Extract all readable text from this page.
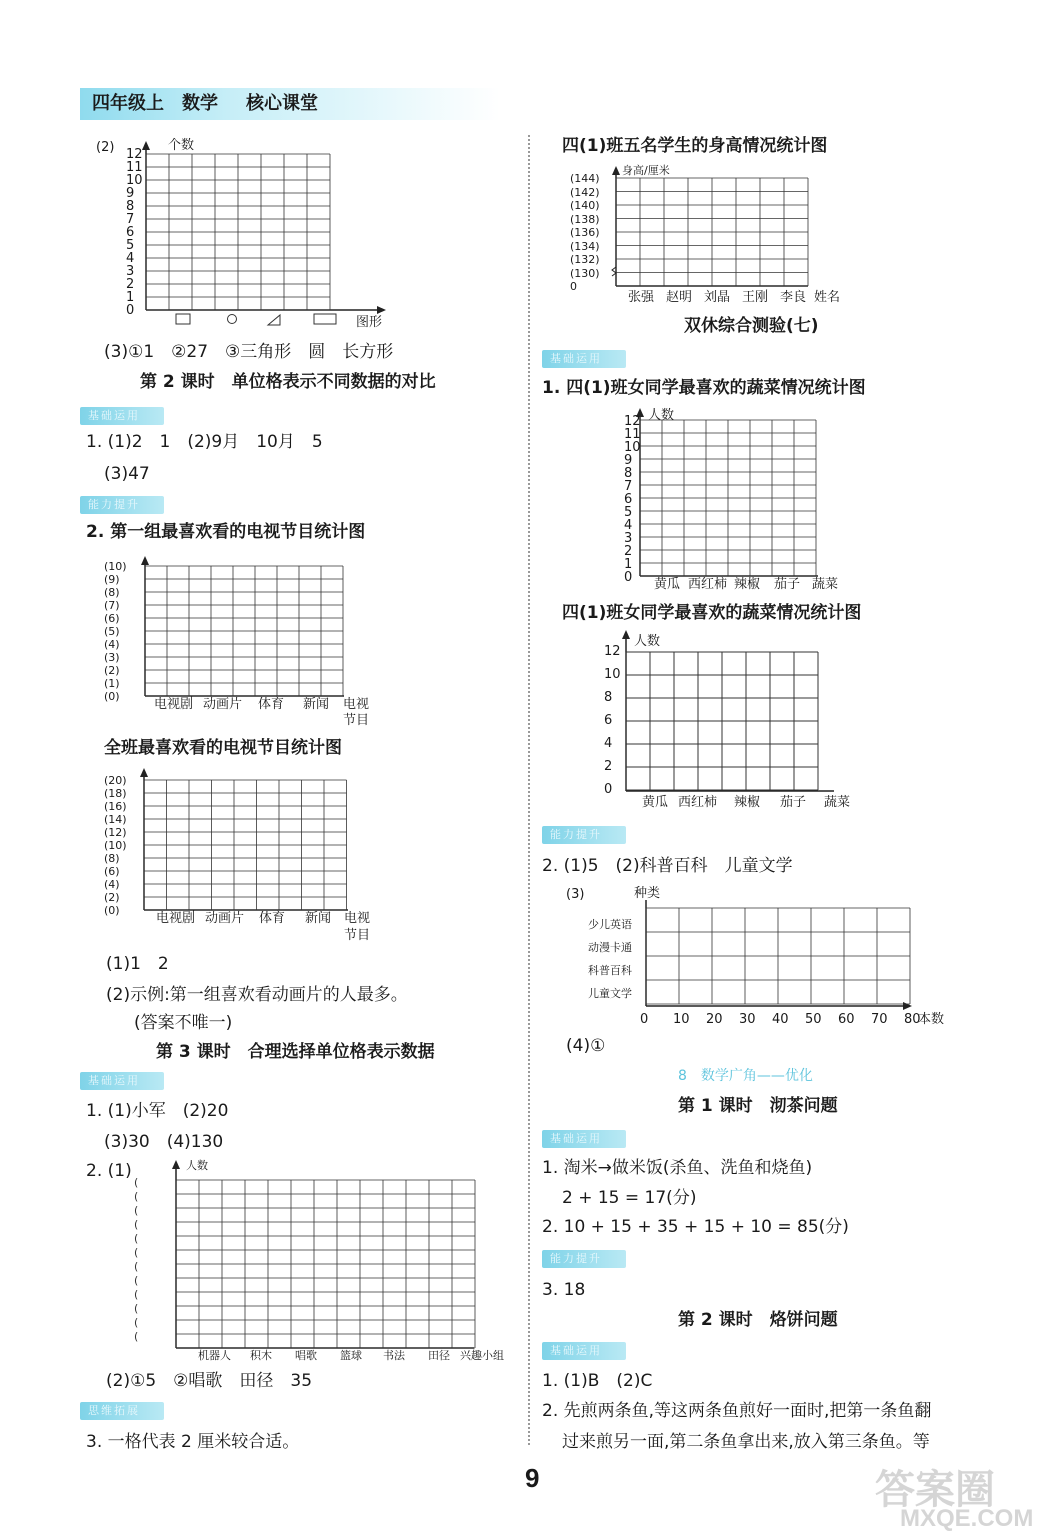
四年级上 数学 核心课堂
(2)	个数
12
11
10
9
8
7
6
5
4
3
2
1
0
图形
(3)①1　②27　③三角形　圆　长方形
第 2 课时　单位格表示不同数据的对比
基础运用
1. (1)2　1　(2)9月　10月　5
(3)47
能力提升
2. 第一组最喜欢看的电视节目统计图
(10)
(9)
(8)
(7)
(6)
(5)
(4)
(3)
(2)
(1)
(0)
电视剧 动画片 体育 新闻 电视
节目
全班最喜欢看的电视节目统计图
(20)
(18)
(16)
(14)
(12)
(10)
(8)
(6)
(4)
(2)
(0)
电视剧 动画片 体育 新闻 电视
节目
(1)1　2
(2)示例:第一组喜欢看动画片的人最多。
(答案不唯一)
第 3 课时　合理选择单位格表示数据
基础运用
1. (1)小军　(2)20
(3)30　(4)130
2. (1)
(
(
(
(
(
(
(
(
(
(
(
(
人数
机器人 积木 唱歌 篮球 书法 田径 兴趣小组
(2)①5　②唱歌　田径　35
思维拓展
3. 一格代表 2 厘米较合适。
四(1)班五名学生的身高情况统计图
身高/厘米
(144)
(142)
(140)
(138)
(136)
(134)
(132)
(130)
0
张强 赵明 刘晶 王刚 李良 姓名
双休综合测验(七)
基础运用
1. 四(1)班女同学最喜欢的蔬菜情况统计图
人数
12
11
10
9
8
7
6
5
4
3
2
1
0 黄瓜 西红柿 辣椒 茄子 蔬菜
四(1)班女同学最喜欢的蔬菜情况统计图
人数
12
10
8
6
4
2
0
黄瓜 西红柿 辣椒 茄子 蔬菜
能力提升
2. (1)5　(2)科普百科　儿童文学
(3)	种类
少儿英语
动漫卡通
科普百科
儿童文学
0 10 20 30 40 50 60 70 80
本数
(4)①
8　数学广角——优化
第 1 课时　沏茶问题
基础运用
1. 淘米→做米饭(杀鱼、洗鱼和烧鱼)
2 + 15 = 17(分)
2. 10 + 15 + 35 + 15 + 10 = 85(分)
能力提升
3. 18
第 2 课时　烙饼问题
基础运用
1. (1)B　(2)C
2. 先煎两条鱼,等这两条鱼煎好一面时,把第一条鱼翻
过来煎另一面,第二条鱼拿出来,放入第三条鱼。等
9	答案圈
MXQE.COM
